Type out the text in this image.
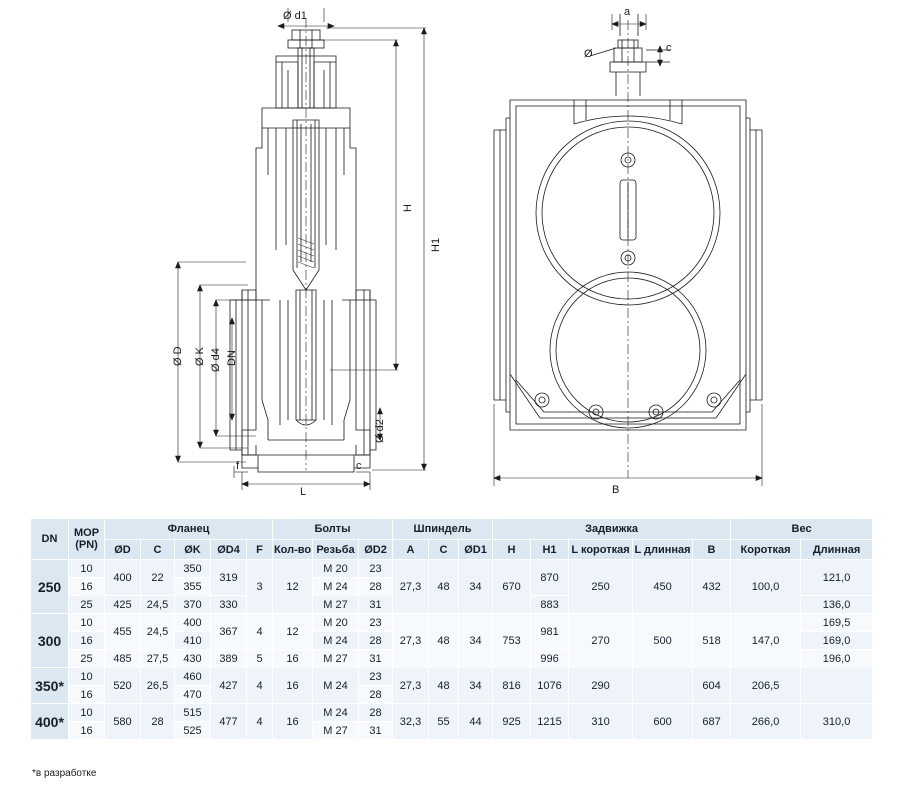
Ø d1
H
H1
Ø D Ø K Ø d4 DN
Ø d2
f
L
c
a
c
Ø
B
DN	MOP
(PN)	Фланец					Болты			Шпиндель			Задвижка					Вес	
		ØD	C	ØK	ØD4	F	Кол-во	Резьба	ØD2	A	C	ØD1	H	H1	L короткая	L длинная	B	Короткая	Длинная
250	10	400	22	350	319	3	12	M 20	23	27,3	48	34	670	870	250	450	432	100,0	121,0
	16			355				M 24	28										
	25	425	24,5	370	330			M 27	31					883					136,0
300	10	455	24,5	400	367	4	12	M 20	23	27,3	48	34	753	981	270	500	518	147,0	169,5
	16			410				M 24	28										169,0
	25	485	27,5	430	389	5	16	M 27	31					996					196,0
350*	10	520	26,5	460	427	4	16	M 24	23	27,3	48	34	816	1076	290		604	206,5	
	16			470					28										
400*	10	580	28	515	477	4	16	M 24	28	32,3	55	44	925	1215	310	600	687	266,0	310,0
	16			525				M 27	31										
*в разработке
